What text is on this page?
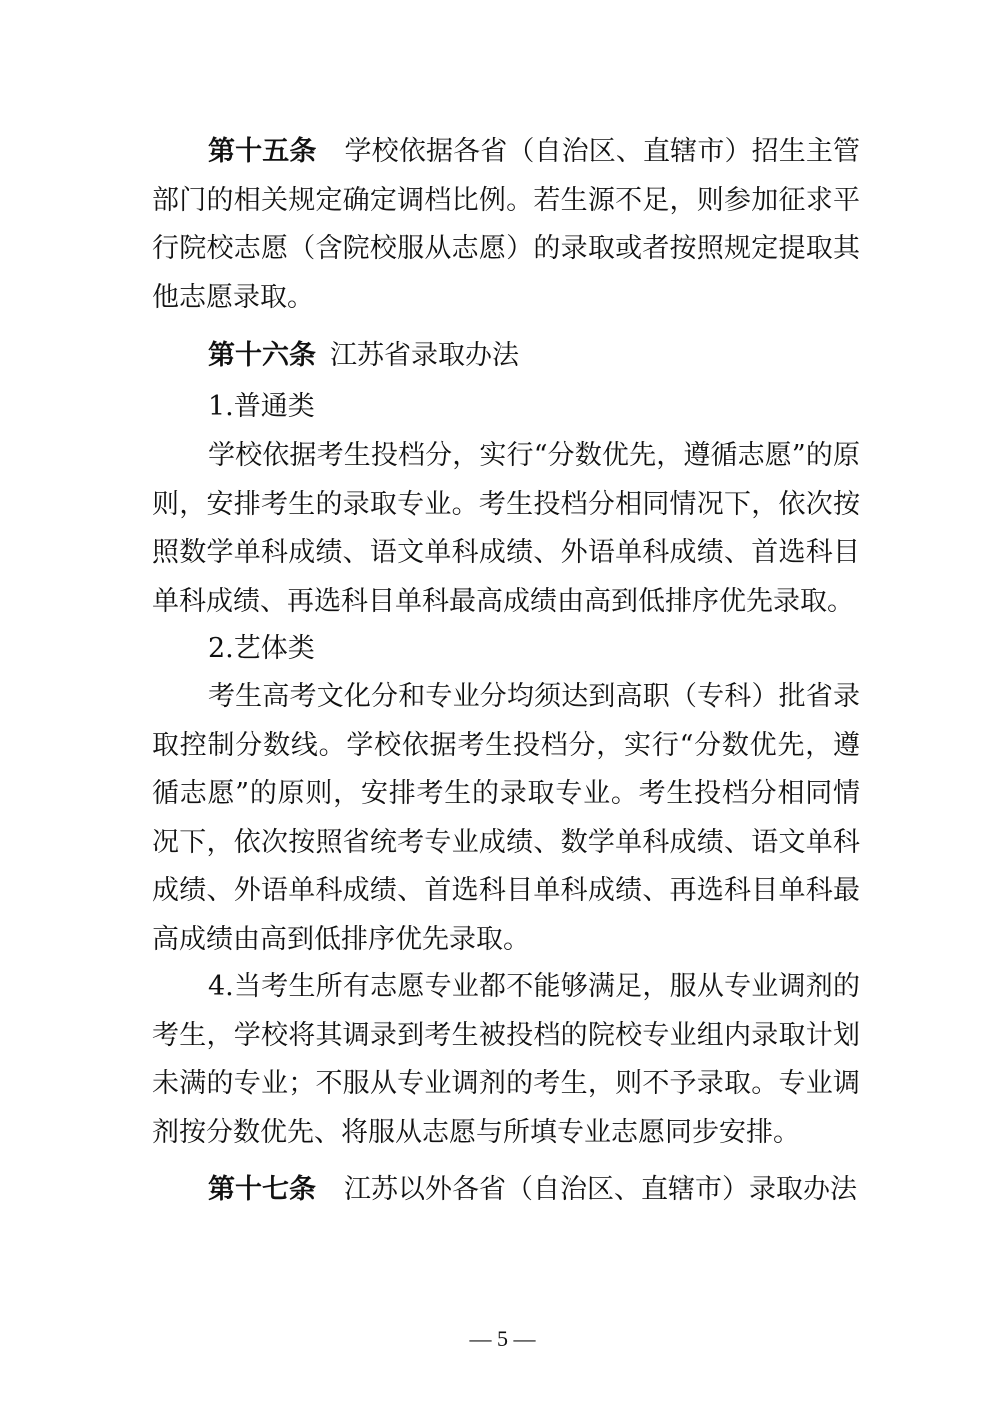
第十五条 学校依据各省（自治区、直辖市）招生主管部门的相关规定确定调档比例。若生源不足，则参加征求平行院校志愿（含院校服从志愿）的录取或者按照规定提取其他志愿录取。

第十六条 江苏省录取办法

1.普通类

学校依据考生投档分，实行“分数优先，遵循志愿”的原则，安排考生的录取专业。考生投档分相同情况下，依次按照数学单科成绩、语文单科成绩、外语单科成绩、首选科目单科成绩、再选科目单科最高成绩由高到低排序优先录取。

2.艺体类

考生高考文化分和专业分均须达到高职（专科）批省录取控制分数线。学校依据考生投档分，实行“分数优先，遵循志愿”的原则，安排考生的录取专业。考生投档分相同情况下，依次按照省统考专业成绩、数学单科成绩、语文单科成绩、外语单科成绩、首选科目单科成绩、再选科目单科最高成绩由高到低排序优先录取。

4.当考生所有志愿专业都不能够满足，服从专业调剂的考生，学校将其调录到考生被投档的院校专业组内录取计划未满的专业；不服从专业调剂的考生，则不予录取。专业调剂按分数优先、将服从志愿与所填专业志愿同步安排。

第十七条 江苏以外各省（自治区、直辖市）录取办法

— 5 —
